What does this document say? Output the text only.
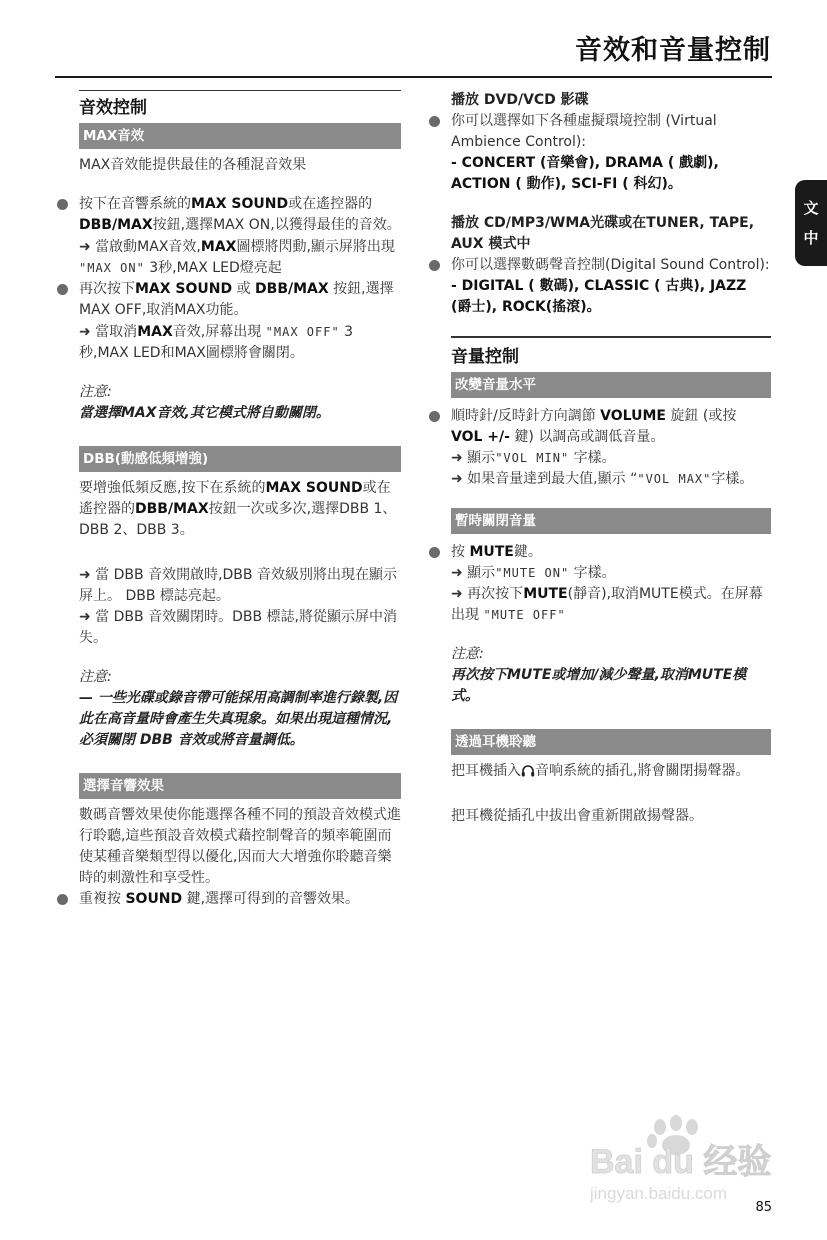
音效和音量控制
文
中
音效控制
MAX音效
MAX音效能提供最佳的各種混音效果
按下在音響系統的MAX SOUND或在遙控器的DBB/MAX按鈕,選擇MAX ON,以獲得最佳的音效。
➜ 當啟動MAX音效,MAX圖標將閃動,顯示屏將出現 "MAX ON" 3秒,MAX LED燈亮起
再次按下MAX SOUND 或 DBB/MAX 按鈕,選擇MAX OFF,取消MAX功能。
➜ 當取消MAX音效,屏幕出現 "MAX OFF" 3秒,MAX LED和MAX圖標將會關閉。
注意:
當選擇MAX音效,其它模式將自動關閉。
DBB(動感低頻增強)
要增強低頻反應,按下在系統的MAX SOUND或在遙控器的DBB/MAX按鈕一次或多次,選擇DBB 1、DBB 2、DBB 3。
➜ 當 DBB 音效開啟時,DBB 音效級別將出現在顯示屏上。 DBB 標誌亮起。
➜ 當 DBB 音效關閉時。DBB 標誌,將從顯示屏中消失。
注意:
— 一些光碟或錄音帶可能採用高調制率進行錄製,因此在高音量時會產生失真現象。如果出現這種情況,必須關閉 DBB 音效或將音量調低。
選擇音響效果
數碼音響效果使你能選擇各種不同的預設音效模式進行聆聽,這些預設音效模式藉控制聲音的頻率範圍而使某種音樂類型得以優化,因而大大增強你聆聽音樂時的刺激性和享受性。
重複按 SOUND 鍵,選擇可得到的音響效果。
播放 DVD/VCD 影碟
你可以選擇如下各種虛擬環境控制 (Virtual Ambience Control):
- CONCERT (音樂會), DRAMA ( 戲劇), ACTION ( 動作), SCI-FI ( 科幻)。
播放 CD/MP3/WMA光碟或在TUNER, TAPE, AUX 模式中
你可以選擇數碼聲音控制(Digital Sound Control):
- DIGITAL ( 數碼), CLASSIC ( 古典), JAZZ (爵士), ROCK(搖滾)。
音量控制
改變音量水平
順時針/反時針方向調節 VOLUME 旋鈕 (或按 VOL +/- 鍵) 以調高或調低音量。
➜ 顯示"VOL MIN" 字樣。
➜ 如果音量達到最大值,顯示 “"VOL MAX"字樣。
暫時關閉音量
按 MUTE鍵。
➜ 顯示"MUTE ON" 字樣。
➜ 再次按下MUTE(靜音),取消MUTE模式。在屏幕出現 "MUTE OFF"
注意:
再次按下MUTE或增加/減少聲量,取消MUTE模式。
透過耳機聆聽
把耳機插入 音响系統的插孔,將會關閉揚聲器。
把耳機從插孔中拔出會重新開啟揚聲器。
Bai du 经验
jingyan.baidu.com
85
